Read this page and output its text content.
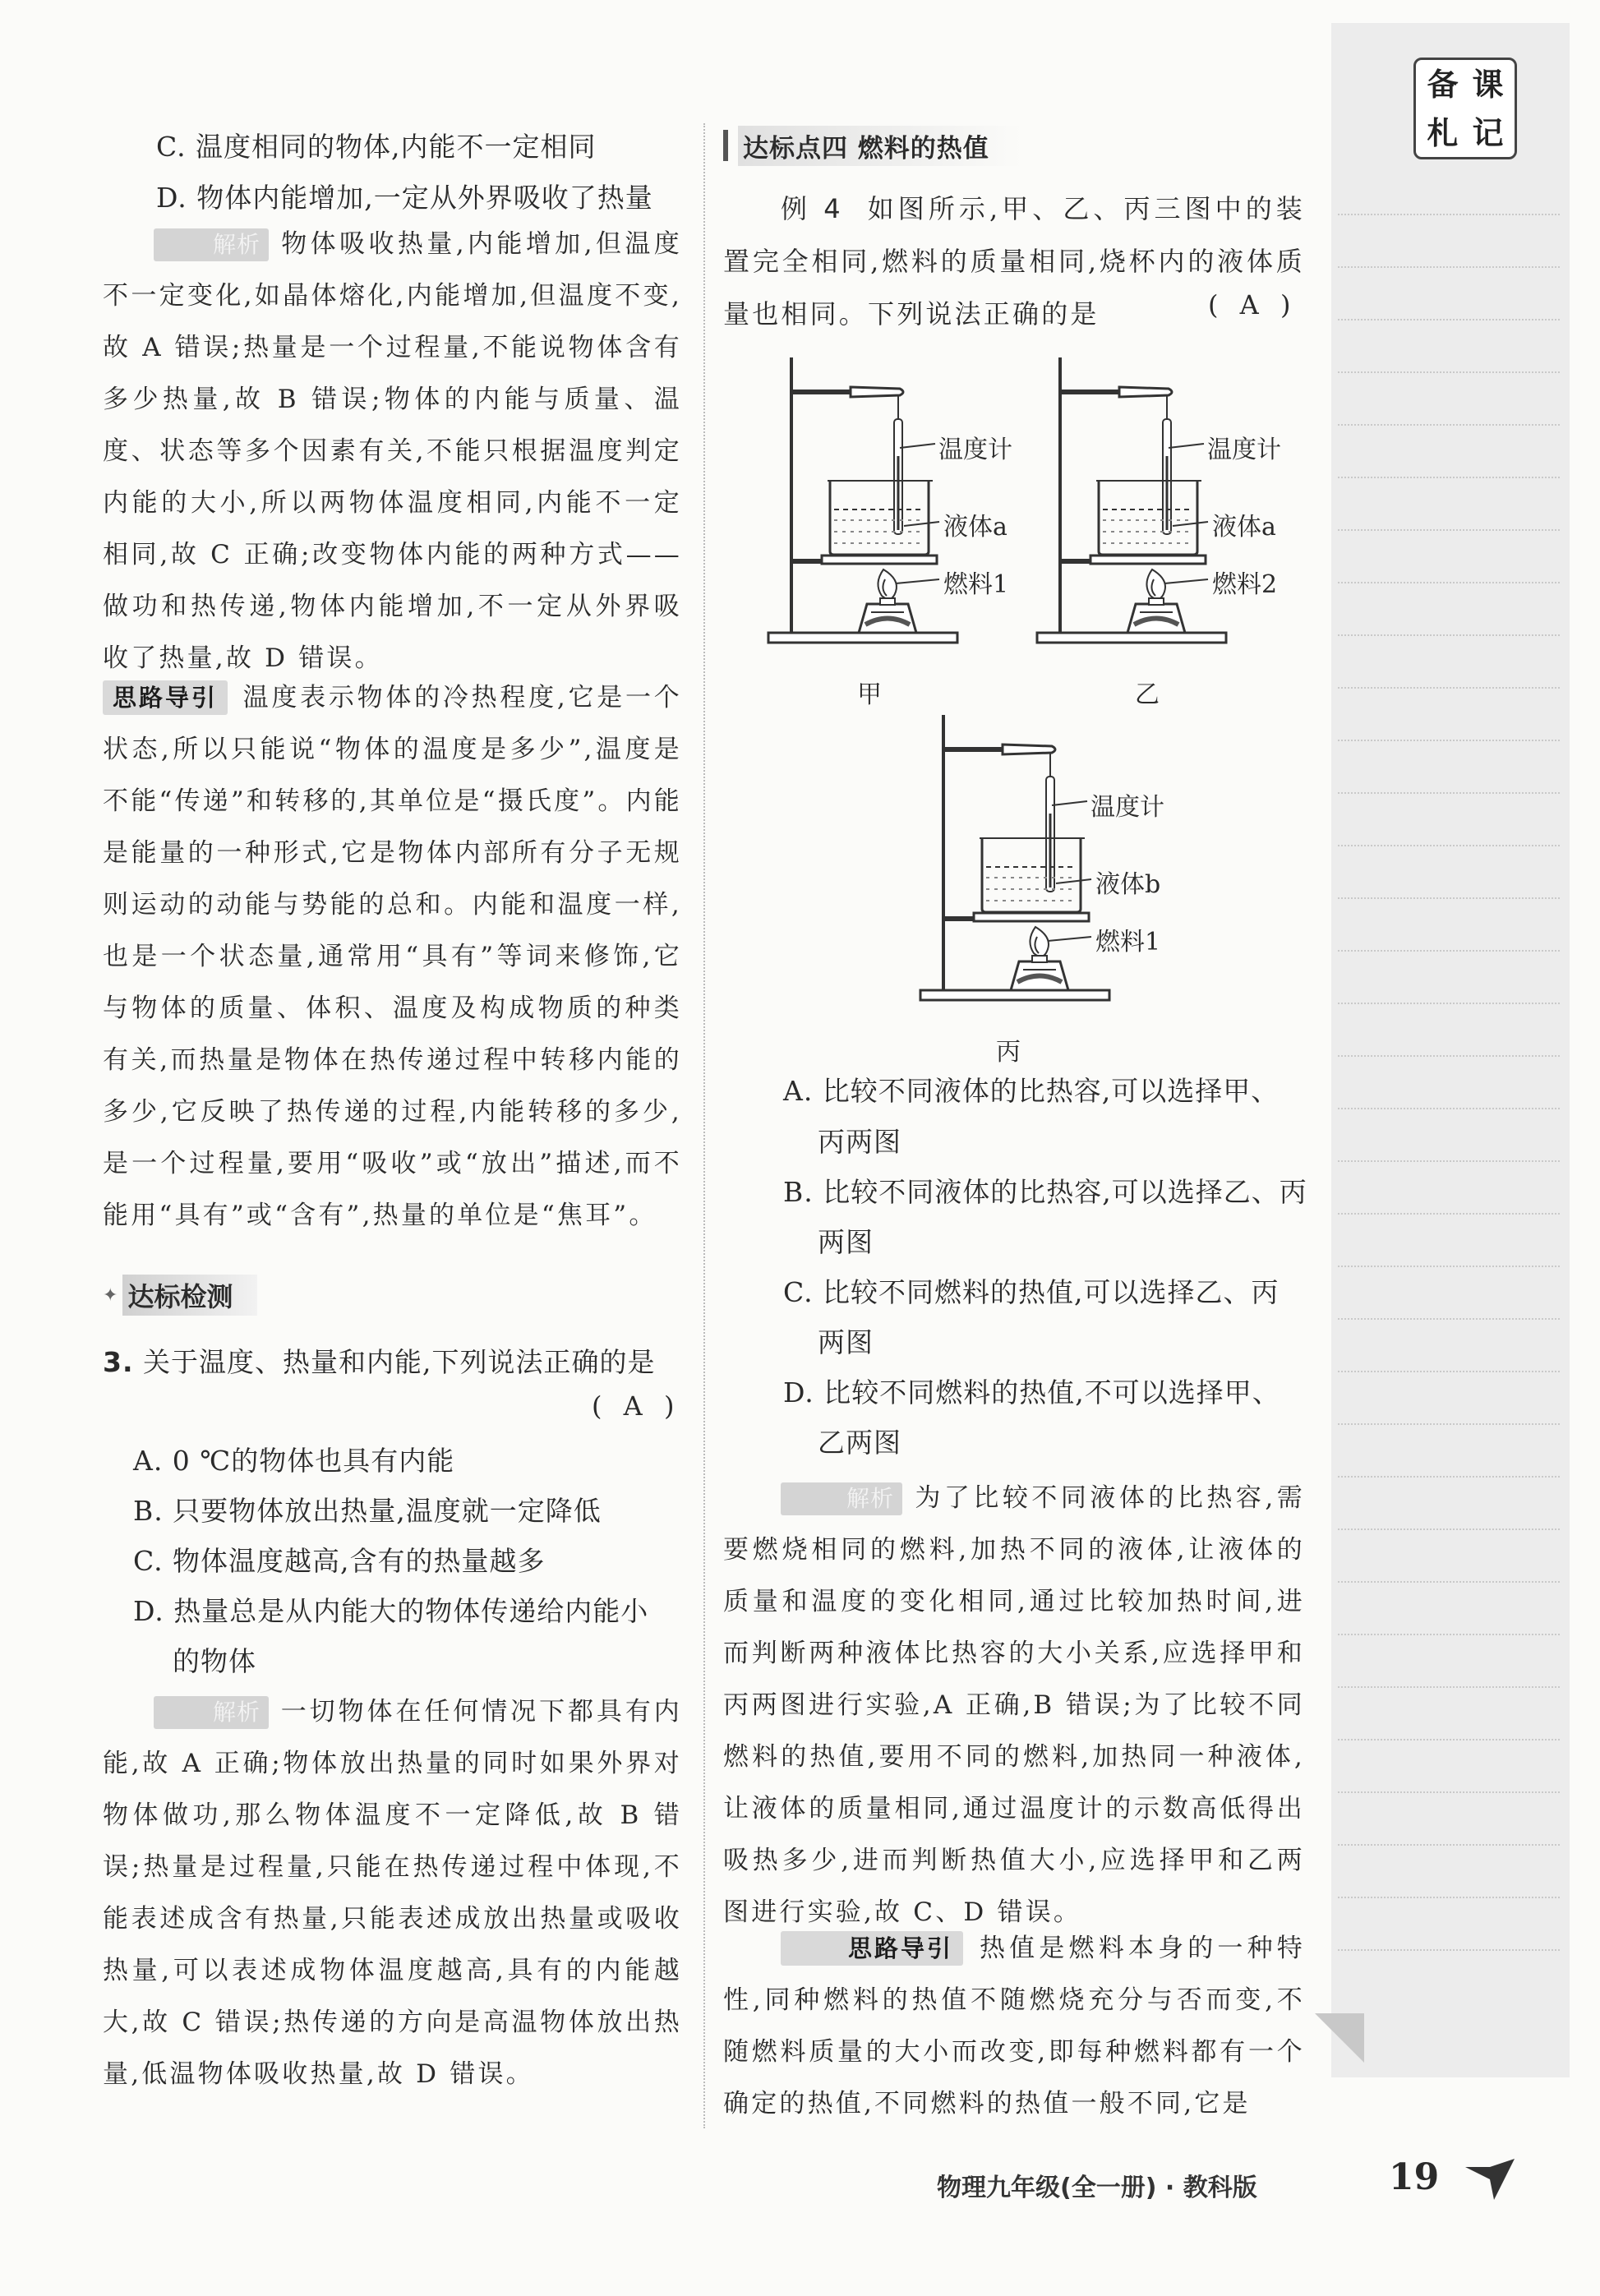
备 课
札 记
C. 温度相同的物体,内能不一定相同
D. 物体内能增加,一定从外界吸收了热量
解析 物体吸收热量,内能增加,但温度不一定变化,如晶体熔化,内能增加,但温度不变,故 A 错误;热量是一个过程量,不能说物体含有多少热量,故 B 错误;物体的内能与质量、温度、状态等多个因素有关,不能只根据温度判定内能的大小,所以两物体温度相同,内能不一定相同,故 C 正确;改变物体内能的两种方式——做功和热传递,物体内能增加,不一定从外界吸收了热量,故 D 错误。
思路导引 温度表示物体的冷热程度,它是一个状态,所以只能说“物体的温度是多少”,温度是不能“传递”和转移的,其单位是“摄氏度”。内能是能量的一种形式,它是物体内部所有分子无规则运动的动能与势能的总和。内能和温度一样,也是一个状态量,通常用“具有”等词来修饰,它与物体的质量、体积、温度及构成物质的种类有关,而热量是物体在热传递过程中转移内能的多少,它反映了热传递的过程,内能转移的多少,是一个过程量,要用“吸收”或“放出”描述,而不能用“具有”或“含有”,热量的单位是“焦耳”。
✦ 达标检测
3. 关于温度、热量和内能,下列说法正确的是
( A )
A. 0 ℃的物体也具有内能
B. 只要物体放出热量,温度就一定降低
C. 物体温度越高,含有的热量越多
D. 热量总是从内能大的物体传递给内能小
的物体
解析 一切物体在任何情况下都具有内能,故 A 正确;物体放出热量的同时如果外界对物体做功,那么物体温度不一定降低,故 B 错误;热量是过程量,只能在热传递过程中体现,不能表述成含有热量,只能表述成放出热量或吸收热量,可以表述成物体温度越高,具有的内能越大,故 C 错误;热传递的方向是高温物体放出热量,低温物体吸收热量,故 D 错误。
达标点四 燃料的热值
例 4 如图所示,甲、乙、丙三图中的装置完全相同,燃料的质量相同,烧杯内的液体质量也相同。下列说法正确的是	( A )
温度计
液体a
燃料1
甲
温度计
液体a
燃料2
乙
温度计
液体b
燃料1
丙
A. 比较不同液体的比热容,可以选择甲、
丙两图
B. 比较不同液体的比热容,可以选择乙、丙
两图
C. 比较不同燃料的热值,可以选择乙、丙
两图
D. 比较不同燃料的热值,不可以选择甲、
乙两图
解析 为了比较不同液体的比热容,需要燃烧相同的燃料,加热不同的液体,让液体的质量和温度的变化相同,通过比较加热时间,进而判断两种液体比热容的大小关系,应选择甲和丙两图进行实验,A 正确,B 错误;为了比较不同燃料的热值,要用不同的燃料,加热同一种液体,让液体的质量相同,通过温度计的示数高低得出吸热多少,进而判断热值大小,应选择甲和乙两图进行实验,故 C、D 错误。
思路导引 热值是燃料本身的一种特性,同种燃料的热值不随燃烧充分与否而变,不随燃料质量的大小而改变,即每种燃料都有一个确定的热值,不同燃料的热值一般不同,它是
物理九年级(全一册) · 教科版	19
